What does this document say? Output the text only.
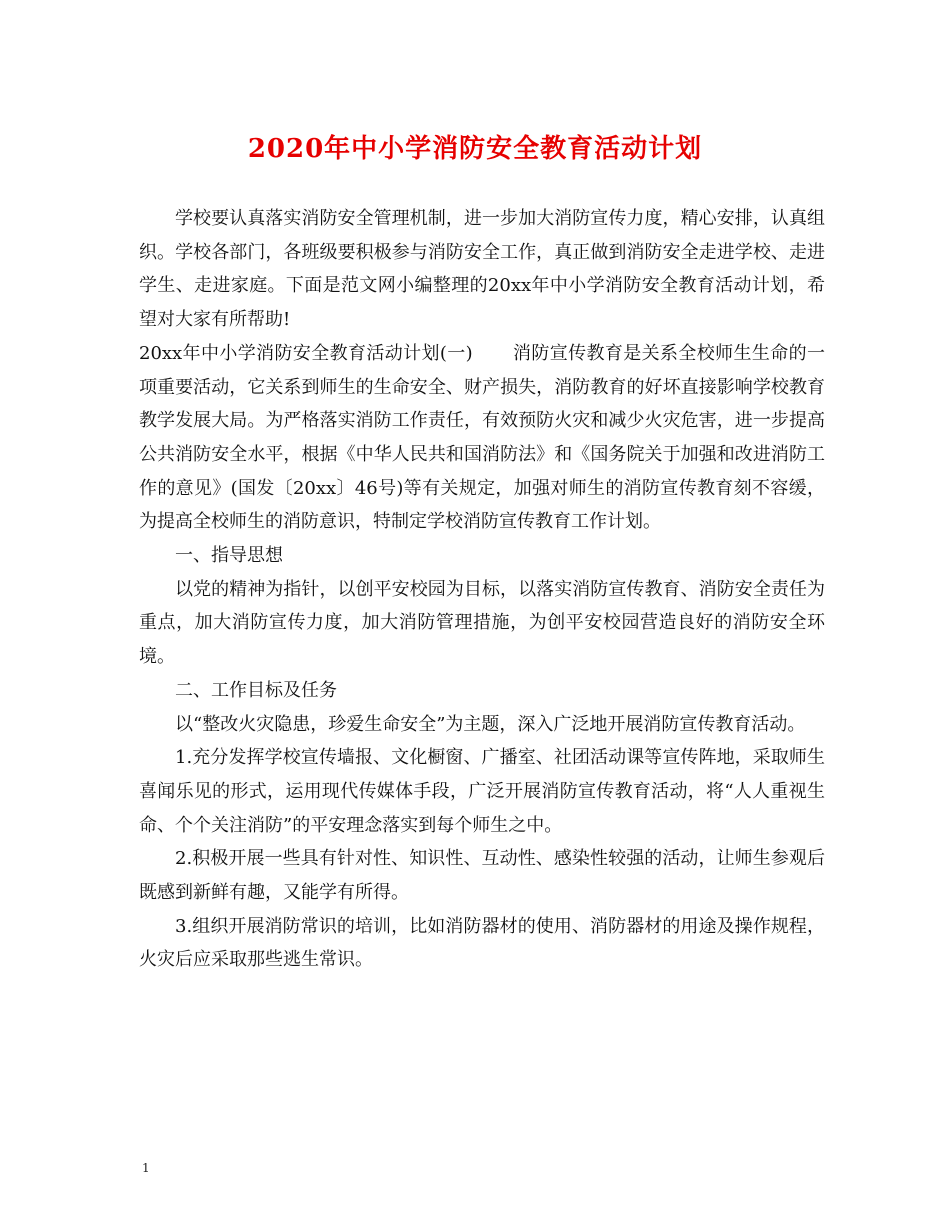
2020年中小学消防安全教育活动计划

学校要认真落实消防安全管理机制，进一步加大消防宣传力度，精心安排，认真组织。学校各部门，各班级要积极参与消防安全工作，真正做到消防安全走进学校、走进学生、走进家庭。下面是范文网小编整理的20xx年中小学消防安全教育活动计划，希望对大家有所帮助!

20xx年中小学消防安全教育活动计划(一) 消防宣传教育是关系全校师生生命的一项重要活动，它关系到师生的生命安全、财产损失，消防教育的好坏直接影响学校教育教学发展大局。为严格落实消防工作责任，有效预防火灾和减少火灾危害，进一步提高公共消防安全水平，根据《中华人民共和国消防法》和《国务院关于加强和改进消防工作的意见》(国发〔20xx〕46号)等有关规定，加强对师生的消防宣传教育刻不容缓，为提高全校师生的消防意识，特制定学校消防宣传教育工作计划。

一、指导思想

以党的精神为指针，以创平安校园为目标，以落实消防宣传教育、消防安全责任为重点，加大消防宣传力度，加大消防管理措施，为创平安校园营造良好的消防安全环境。

二、工作目标及任务

以“整改火灾隐患，珍爱生命安全”为主题，深入广泛地开展消防宣传教育活动。

1.充分发挥学校宣传墙报、文化橱窗、广播室、社团活动课等宣传阵地，采取师生喜闻乐见的形式，运用现代传媒体手段，广泛开展消防宣传教育活动，将“人人重视生命、个个关注消防”的平安理念落实到每个师生之中。

2.积极开展一些具有针对性、知识性、互动性、感染性较强的活动，让师生参观后既感到新鲜有趣，又能学有所得。

3.组织开展消防常识的培训，比如消防器材的使用、消防器材的用途及操作规程，火灾后应采取那些逃生常识。

1
